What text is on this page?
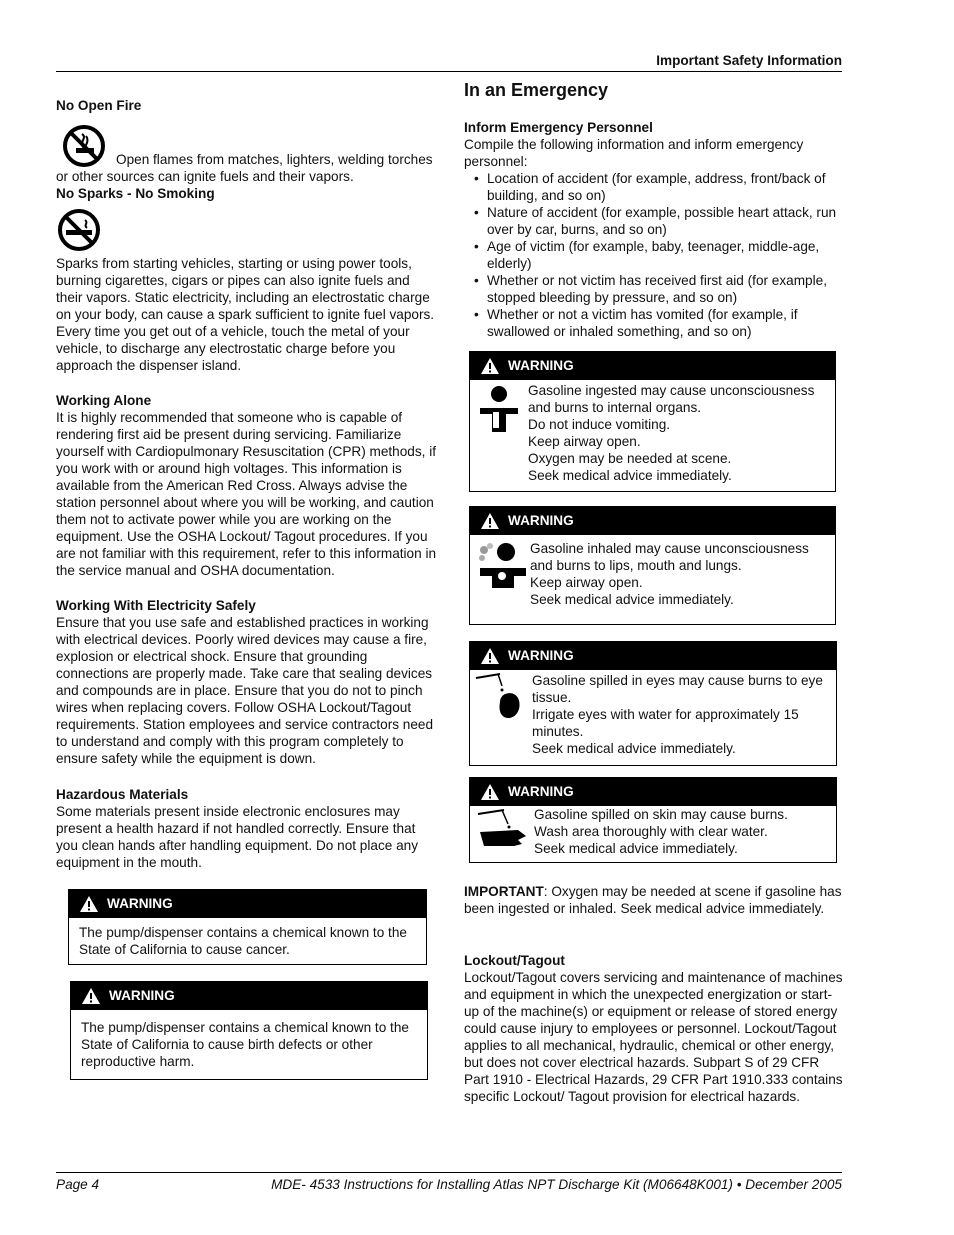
Important Safety Information
No Open Fire

Open flames from matches, lighters, welding torches or other sources can ignite fuels and their vapors.

No Sparks - No Smoking

Sparks from starting vehicles, starting or using power tools, burning cigarettes, cigars or pipes can also ignite fuels and their vapors. Static electricity, including an electrostatic charge on your body, can cause a spark sufficient to ignite fuel vapors. Every time you get out of a vehicle, touch the metal of your vehicle, to discharge any electrostatic charge before you approach the dispenser island.

Working Alone

It is highly recommended that someone who is capable of rendering first aid be present during servicing. Familiarize yourself with Cardiopulmonary Resuscitation (CPR) methods, if you work with or around high voltages. This information is available from the American Red Cross. Always advise the station personnel about where you will be working, and caution them not to activate power while you are working on the equipment. Use the OSHA Lockout/ Tagout procedures. If you are not familiar with this requirement, refer to this information in the service manual and OSHA documentation.

Working With Electricity Safely

Ensure that you use safe and established practices in working with electrical devices. Poorly wired devices may cause a fire, explosion or electrical shock. Ensure that grounding connections are properly made. Take care that sealing devices and compounds are in place. Ensure that you do not to pinch wires when replacing covers. Follow OSHA Lockout/Tagout requirements. Station employees and service contractors need to understand and comply with this program completely to ensure safety while the equipment is down.

Hazardous Materials

Some materials present inside electronic enclosures may present a health hazard if not handled correctly. Ensure that you clean hands after handling equipment. Do not place any equipment in the mouth.

WARNING
The pump/dispenser contains a chemical known to the State of California to cause cancer.
WARNING
The pump/dispenser contains a chemical known to the State of California to cause birth defects or other reproductive harm.
In an Emergency
Inform Emergency Personnel

Compile the following information and inform emergency personnel:

• Location of accident (for example, address, front/back of building, and so on)
• Nature of accident (for example, possible heart attack, run over by car, burns, and so on)
• Age of victim (for example, baby, teenager, middle-age, elderly)
• Whether or not victim has received first aid (for example, stopped bleeding by pressure, and so on)
• Whether or not a victim has vomited (for example, if swallowed or inhaled something, and so on)
WARNING
Gasoline ingested may cause unconsciousness and burns to internal organs.
Do not induce vomiting.
Keep airway open.
Oxygen may be needed at scene.
Seek medical advice immediately.
WARNING
Gasoline inhaled may cause unconsciousness and burns to lips, mouth and lungs.
Keep airway open.
Seek medical advice immediately.
WARNING
Gasoline spilled in eyes may cause burns to eye tissue.
Irrigate eyes with water for approximately 15 minutes.
Seek medical advice immediately.
WARNING
Gasoline spilled on skin may cause burns.
Wash area thoroughly with clear water.
Seek medical advice immediately.

IMPORTANT: Oxygen may be needed at scene if gasoline has been ingested or inhaled. Seek medical advice immediately.

Lockout/Tagout

Lockout/Tagout covers servicing and maintenance of machines and equipment in which the unexpected energization or start-up of the machine(s) or equipment or release of stored energy could cause injury to employees or personnel. Lockout/Tagout applies to all mechanical, hydraulic, chemical or other energy, but does not cover electrical hazards. Subpart S of 29 CFR Part 1910 - Electrical Hazards, 29 CFR Part 1910.333 contains specific Lockout/ Tagout provision for electrical hazards.

Page 4	MDE- 4533 Instructions for Installing Atlas NPT Discharge Kit (M06648K001) • December 2005
